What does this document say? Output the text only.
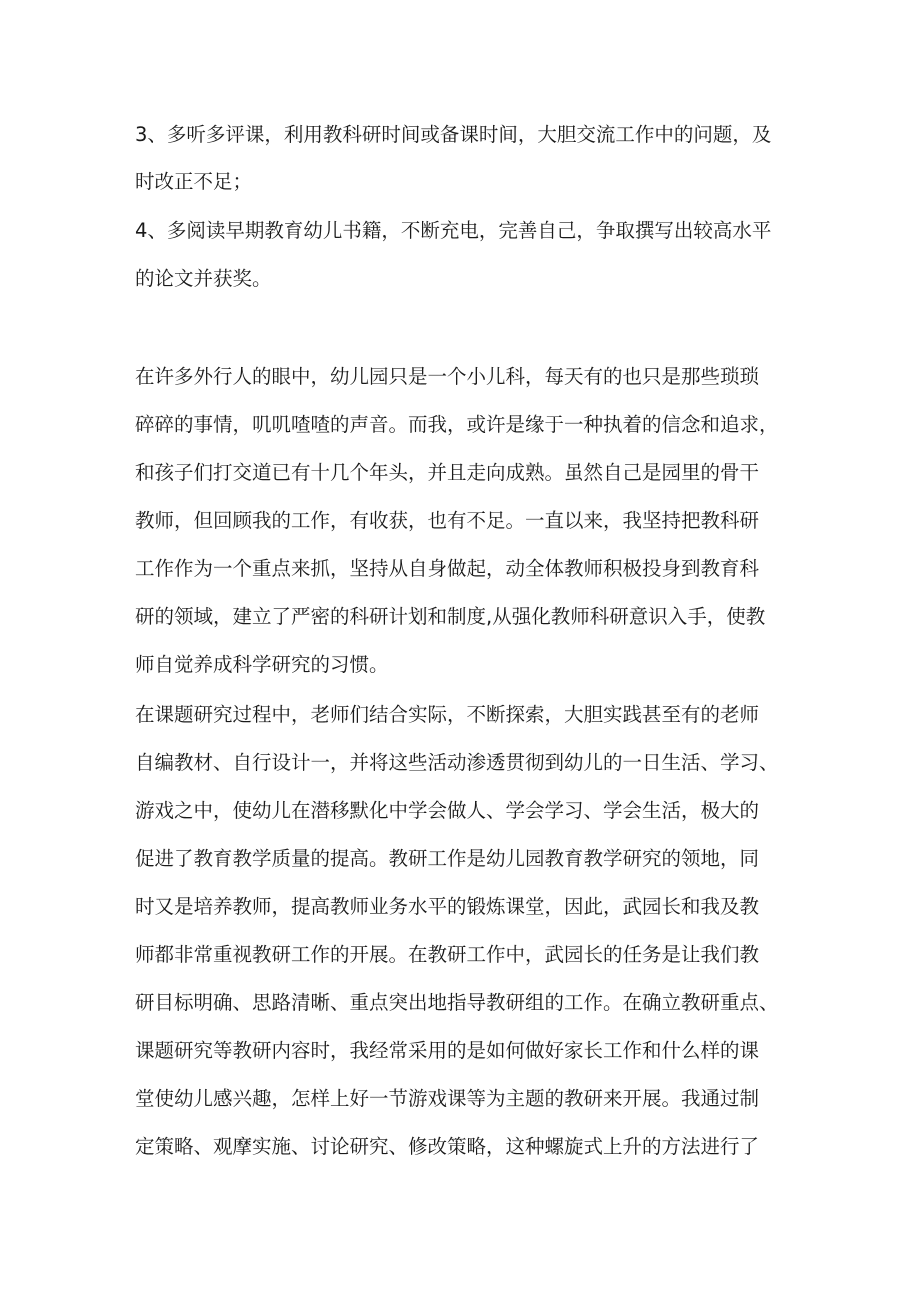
3、多听多评课，利用教科研时间或备课时间，大胆交流工作中的问题，及

时改正不足；

4、多阅读早期教育幼儿书籍，不断充电，完善自己，争取撰写出较高水平

的论文并获奖。

在许多外行人的眼中，幼儿园只是一个小儿科，每天有的也只是那些琐琐

碎碎的事情，叽叽喳喳的声音。而我，或许是缘于一种执着的信念和追求，

和孩子们打交道已有十几个年头，并且走向成熟。虽然自己是园里的骨干

教师，但回顾我的工作，有收获，也有不足。一直以来，我坚持把教科研

工作作为一个重点来抓，坚持从自身做起，动全体教师积极投身到教育科

研的领域，建立了严密的科研计划和制度,从强化教师科研意识入手，使教

师自觉养成科学研究的习惯。

在课题研究过程中，老师们结合实际，不断探索，大胆实践甚至有的老师

自编教材、自行设计一，并将这些活动渗透贯彻到幼儿的一日生活、学习、

游戏之中，使幼儿在潜移默化中学会做人、学会学习、学会生活，极大的

促进了教育教学质量的提高。教研工作是幼儿园教育教学研究的领地，同

时又是培养教师，提高教师业务水平的锻炼课堂，因此，武园长和我及教

师都非常重视教研工作的开展。在教研工作中，武园长的任务是让我们教

研目标明确、思路清晰、重点突出地指导教研组的工作。在确立教研重点、

课题研究等教研内容时，我经常采用的是如何做好家长工作和什么样的课

堂使幼儿感兴趣，怎样上好一节游戏课等为主题的教研来开展。我通过制

定策略、观摩实施、讨论研究、修改策略，这种螺旋式上升的方法进行了
